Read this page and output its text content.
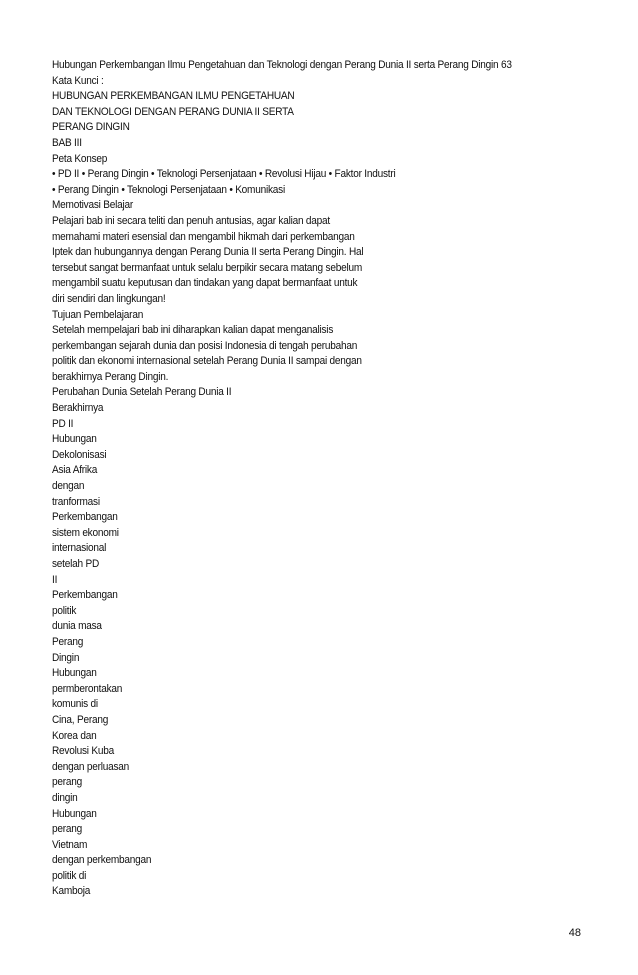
Hubungan Perkembangan Ilmu Pengetahuan dan Teknologi dengan Perang Dunia II serta Perang Dingin 63
Kata Kunci :
HUBUNGAN PERKEMBANGAN ILMU PENGETAHUAN
DAN TEKNOLOGI DENGAN PERANG DUNIA II SERTA
PERANG DINGIN
BAB III
Peta Konsep
• PD II • Perang Dingin • Teknologi Persenjataan • Revolusi Hijau • Faktor Industri
• Perang Dingin • Teknologi Persenjataan • Komunikasi
Memotivasi Belajar
Pelajari bab ini secara teliti dan penuh antusias, agar kalian dapat
memahami materi esensial dan mengambil hikmah dari perkembangan
Iptek dan hubungannya dengan Perang Dunia II serta Perang Dingin. Hal
tersebut sangat bermanfaat untuk selalu berpikir secara matang sebelum
mengambil suatu keputusan dan tindakan yang dapat bermanfaat untuk
diri sendiri dan lingkungan!
Tujuan Pembelajaran
Setelah mempelajari bab ini diharapkan kalian dapat menganalisis
perkembangan sejarah dunia dan posisi Indonesia di tengah perubahan
politik dan ekonomi internasional setelah Perang Dunia II sampai dengan
berakhirnya Perang Dingin.
Perubahan Dunia Setelah Perang Dunia II
Berakhirnya
PD II
Hubungan
Dekolonisasi
Asia Afrika
dengan
tranformasi
Perkembangan
sistem ekonomi
internasional
setelah PD
II
Perkembangan
politik
dunia masa
Perang
Dingin
Hubungan
permberontakan
komunis di
Cina, Perang
Korea dan
Revolusi Kuba
dengan perluasan
perang
dingin
Hubungan
perang
Vietnam
dengan perkembangan
politik di
Kamboja
48
